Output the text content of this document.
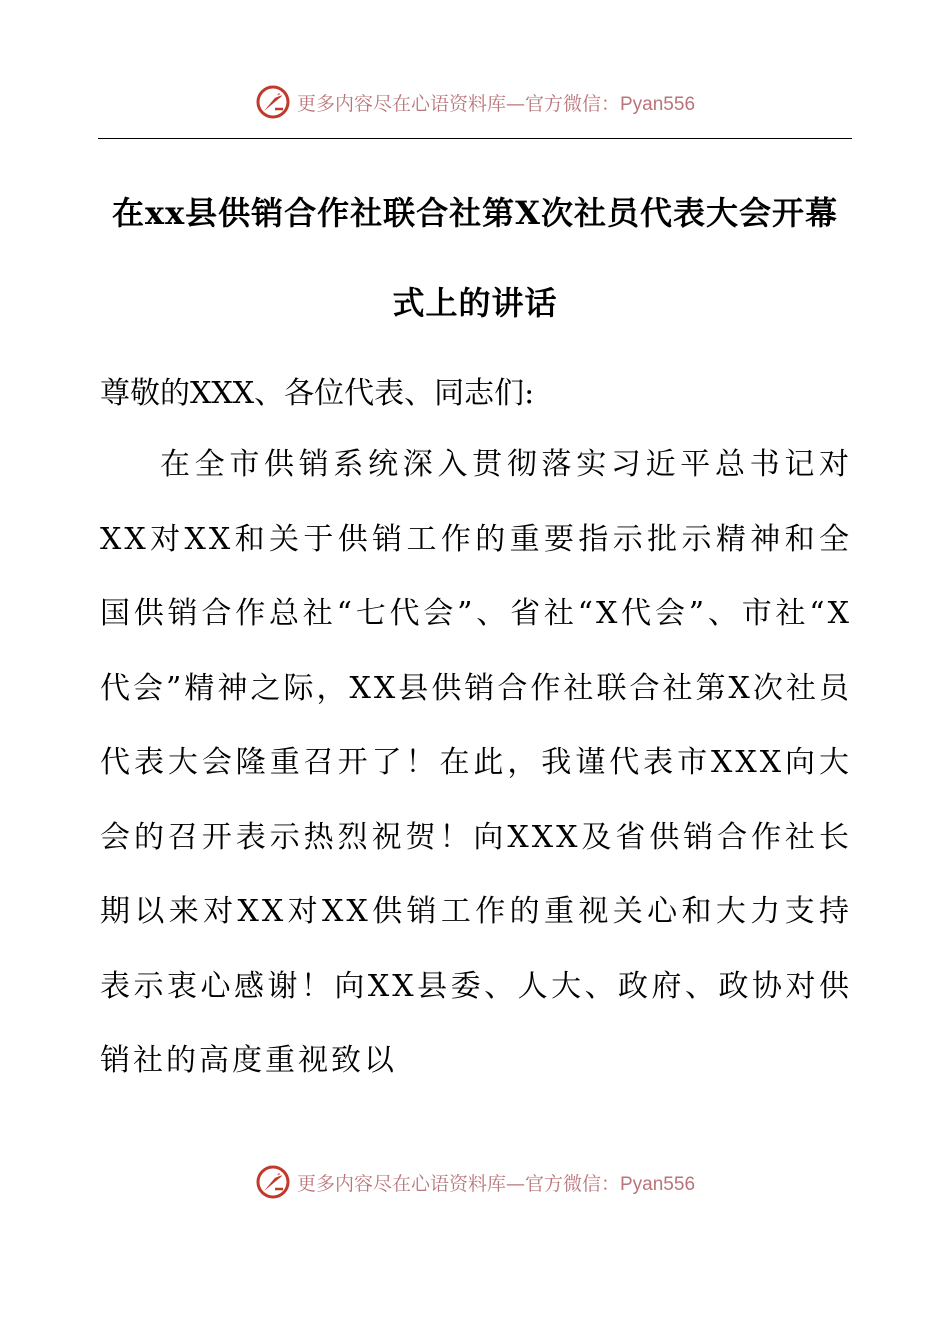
更多内容尽在心语资料库—官方微信：Pyan556
在xx县供销合作社联合社第X次社员代表大会开幕式上的讲话

尊敬的XXX、各位代表、同志们:

在全市供销系统深入贯彻落实习近平总书记对XX对XX和关于供销工作的重要指示批示精神和全国供销合作总社“七代会”、省社“X代会”、市社“X代会”精神之际，XX县供销合作社联合社第X次社员代表大会隆重召开了！在此，我谨代表市XXX向大会的召开表示热烈祝贺！向XXX及省供销合作社长期以来对XX对XX供销工作的重视关心和大力支持表示衷心感谢！向XX县委、人大、政府、政协对供销社的高度重视致以

更多内容尽在心语资料库—官方微信：Pyan556
